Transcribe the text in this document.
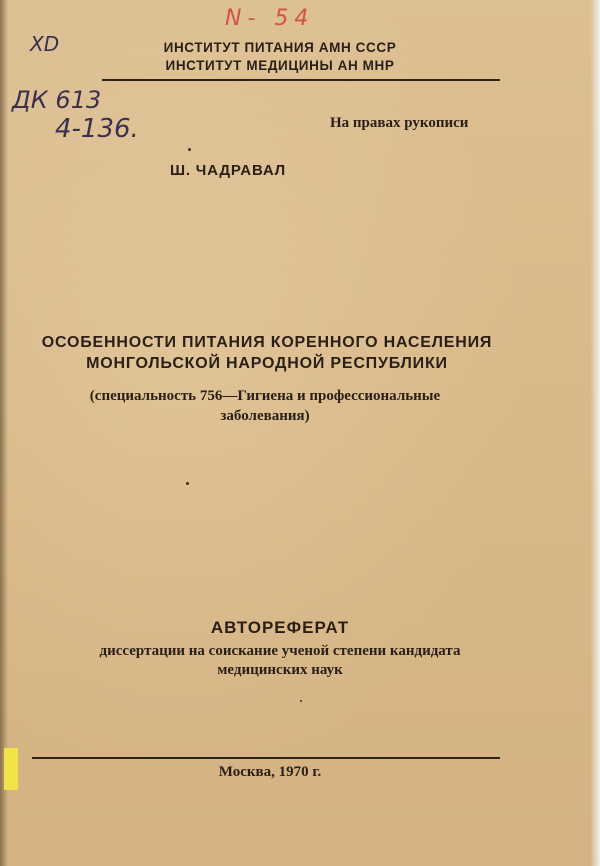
N- 54
ХD
ДК 613
4-136.
ИНСТИТУТ ПИТАНИЯ АМН СССР
ИНСТИТУТ МЕДИЦИНЫ АН МНР
На правах рукописи
Ш. ЧАДРАВАЛ
ОСОБЕННОСТИ ПИТАНИЯ КОРЕННОГО НАСЕЛЕНИЯ
МОНГОЛЬСКОЙ НАРОДНОЙ РЕСПУБЛИКИ
(специальность 756—Гигиена и профессиональные
заболевания)
АВТОРЕФЕРАТ
диссертации на соискание ученой степени кандидата
медицинских наук
Москва, 1970 г.
